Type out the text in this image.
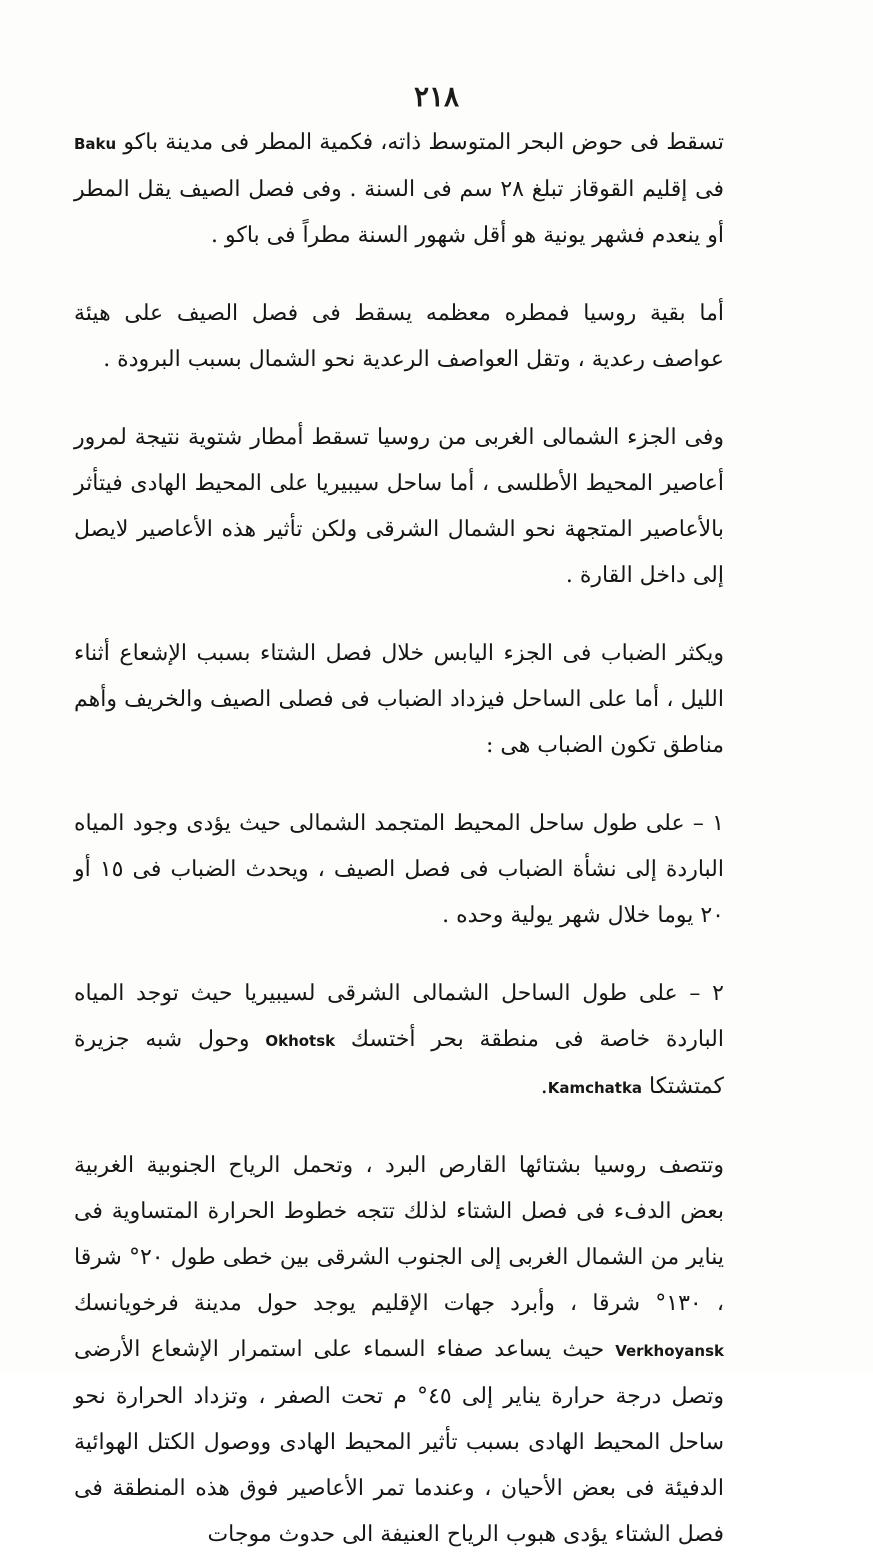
٢١٨

تسقط فى حوض البحر المتوسط ذاته، فكمية المطر فى مدينة باكو Baku فى إقليم القوقاز تبلغ ٢٨ سم فى السنة . وفى فصل الصيف يقل المطر أو ينعدم فشهر يونية هو أقل شهور السنة مطراً فى باكو .

أما بقية روسيا فمطره معظمه يسقط فى فصل الصيف على هيئة عواصف رعدية ، وتقل العواصف الرعدية نحو الشمال بسبب البرودة .

وفى الجزء الشمالى الغربى من روسيا تسقط أمطار شتوية نتيجة لمرور أعاصير المحيط الأطلسى ، أما ساحل سيبيريا على المحيط الهادى فيتأثر بالأعاصير المتجهة نحو الشمال الشرقى ولكن تأثير هذه الأعاصير لايصل إلى داخل القارة .

ويكثر الضباب فى الجزء اليابس خلال فصل الشتاء بسبب الإشعاع أثناء الليل ، أما على الساحل فيزداد الضباب فى فصلى الصيف والخريف وأهم مناطق تكون الضباب هى :

١ – على طول ساحل المحيط المتجمد الشمالى حيث يؤدى وجود المياه الباردة إلى نشأة الضباب فى فصل الصيف ، ويحدث الضباب فى ١٥ أو ٢٠ يوما خلال شهر يولية وحده .

٢ – على طول الساحل الشمالى الشرقى لسيبيريا حيث توجد المياه الباردة خاصة فى منطقة بحر أختسك Okhotsk وحول شبه جزيرة كمتشتكا Kamchatka.

وتتصف روسيا بشتائها القارص البرد ، وتحمل الرياح الجنوبية الغربية بعض الدفء فى فصل الشتاء لذلك تتجه خطوط الحرارة المتساوية فى يناير من الشمال الغربى إلى الجنوب الشرقى بين خطى طول ٢٠° شرقا ، ١٣٠° شرقا ، وأبرد جهات الإقليم يوجد حول مدينة فرخويانسك Verkhoyansk حيث يساعد صفاء السماء على استمرار الإشعاع الأرضى وتصل درجة حرارة يناير إلى ٤٥° م تحت الصفر ، وتزداد الحرارة نحو ساحل المحيط الهادى بسبب تأثير المحيط الهادى ووصول الكتل الهوائية الدفيئة فى بعض الأحيان ، وعندما تمر الأعاصير فوق هذه المنطقة فى فصل الشتاء يؤدى هبوب الرياح العنيفة الى حدوث موجات
